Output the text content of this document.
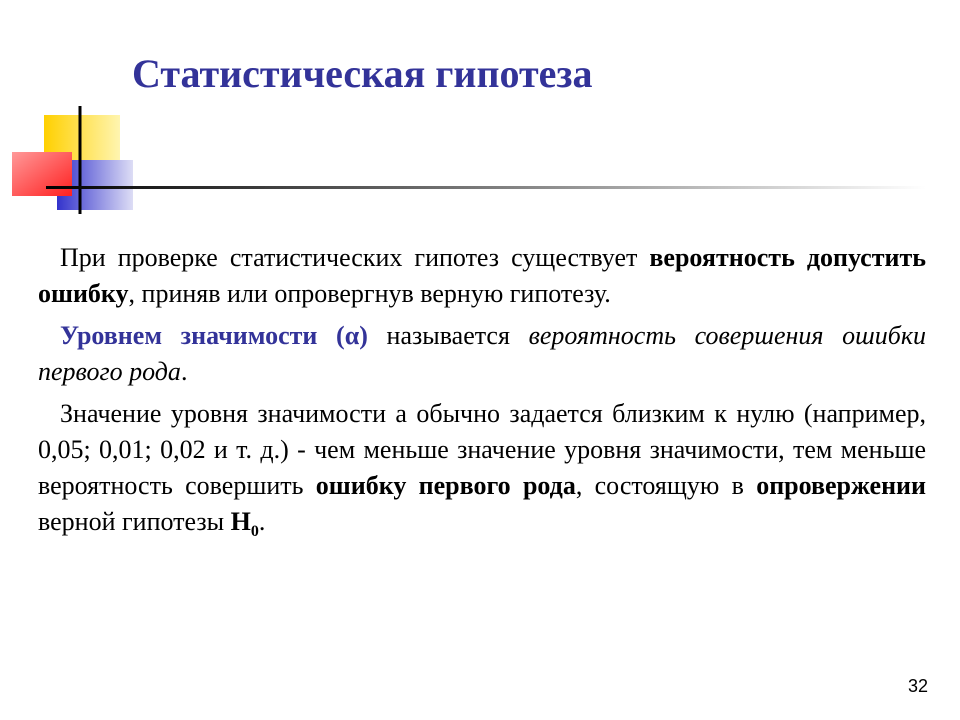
Статистическая гипотеза

При проверке статистических гипотез существует вероятность допустить ошибку, приняв или опровергнув верную гипотезу.

Уровнем значимости (α) называется вероятность совершения ошибки первого рода.

Значение уровня значимости a обычно задается близким к нулю (например, 0,05; 0,01; 0,02 и т. д.) - чем меньше значение уровня значимости, тем меньше вероятность совершить ошибку первого рода, состоящую в опровержении верной гипотезы $H_0$.

32
